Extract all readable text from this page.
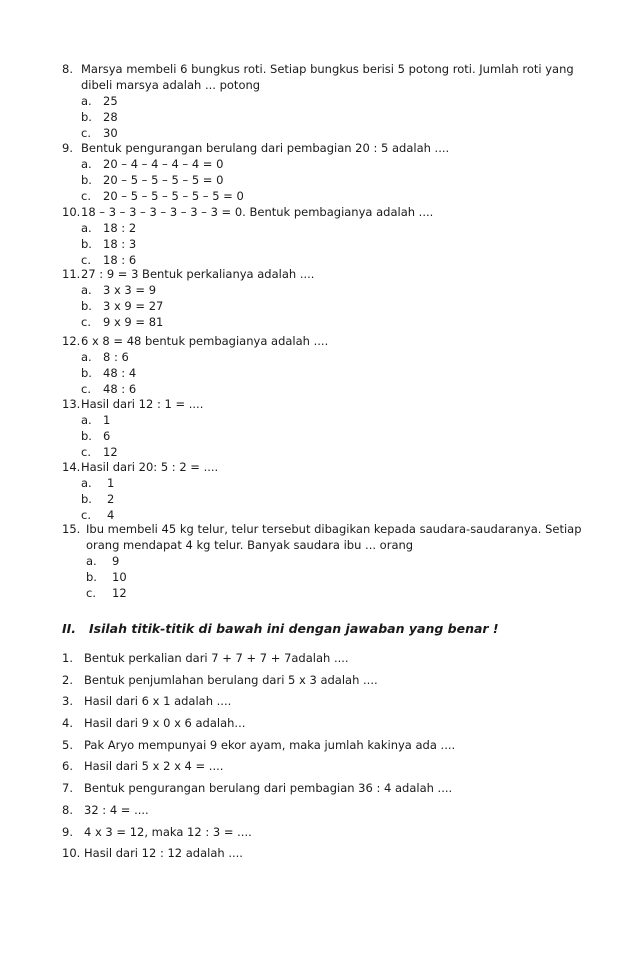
8. Marsya membeli 6 bungkus roti. Setiap bungkus berisi 5 potong roti. Jumlah roti yang dibeli marsya adalah ... potong
a. 25
b. 28
c.	30
9. Bentuk pengurangan berulang dari pembagian 20 : 5 adalah ....
a. 20 – 4 – 4 – 4 – 4 = 0
b. 20 – 5 – 5 – 5 – 5 = 0
c.	20 – 5 – 5 – 5 – 5 – 5 = 0
10. 18 – 3 – 3 – 3 – 3 – 3 – 3 = 0. Bentuk pembagianya adalah ....
a. 18 : 2
b. 18 : 3
c.	18 : 6
11. 27 : 9 = 3 Bentuk perkalianya adalah ....
a. 3 x 3 = 9
b. 3 x 9 = 27
c.	9 x 9 = 81
12. 6 x 8 = 48 bentuk pembagianya adalah ....
a. 8 : 6
b. 48 : 4
c.	48 : 6
13. Hasil dari 12 : 1 = ....
a. 1
b. 6
c.	12
14. Hasil dari 20: 5 : 2 = ....
a.	1
b.	2
c.	4
15. Ibu membeli 45 kg telur, telur tersebut dibagikan kepada saudara-saudaranya. Setiap orang mendapat 4 kg telur. Banyak saudara ibu ... orang
a.	9
b.	10
c.	12
II. Isilah titik-titik di bawah ini dengan jawaban yang benar !
1. Bentuk perkalian dari 7 + 7 + 7 + 7adalah ....
2. Bentuk penjumlahan berulang dari 5 x 3 adalah ....
3. Hasil dari 6 x 1 adalah ....
4. Hasil dari 9 x 0 x 6 adalah...
5. Pak Aryo mempunyai 9 ekor ayam, maka jumlah kakinya ada ....
6. Hasil dari 5 x 2 x 4 = ....
7. Bentuk pengurangan berulang dari pembagian 36 : 4 adalah ....
8. 32 : 4 = ....
9. 4 x 3 = 12, maka 12 : 3 = ....
10. Hasil dari 12 : 12 adalah ....
